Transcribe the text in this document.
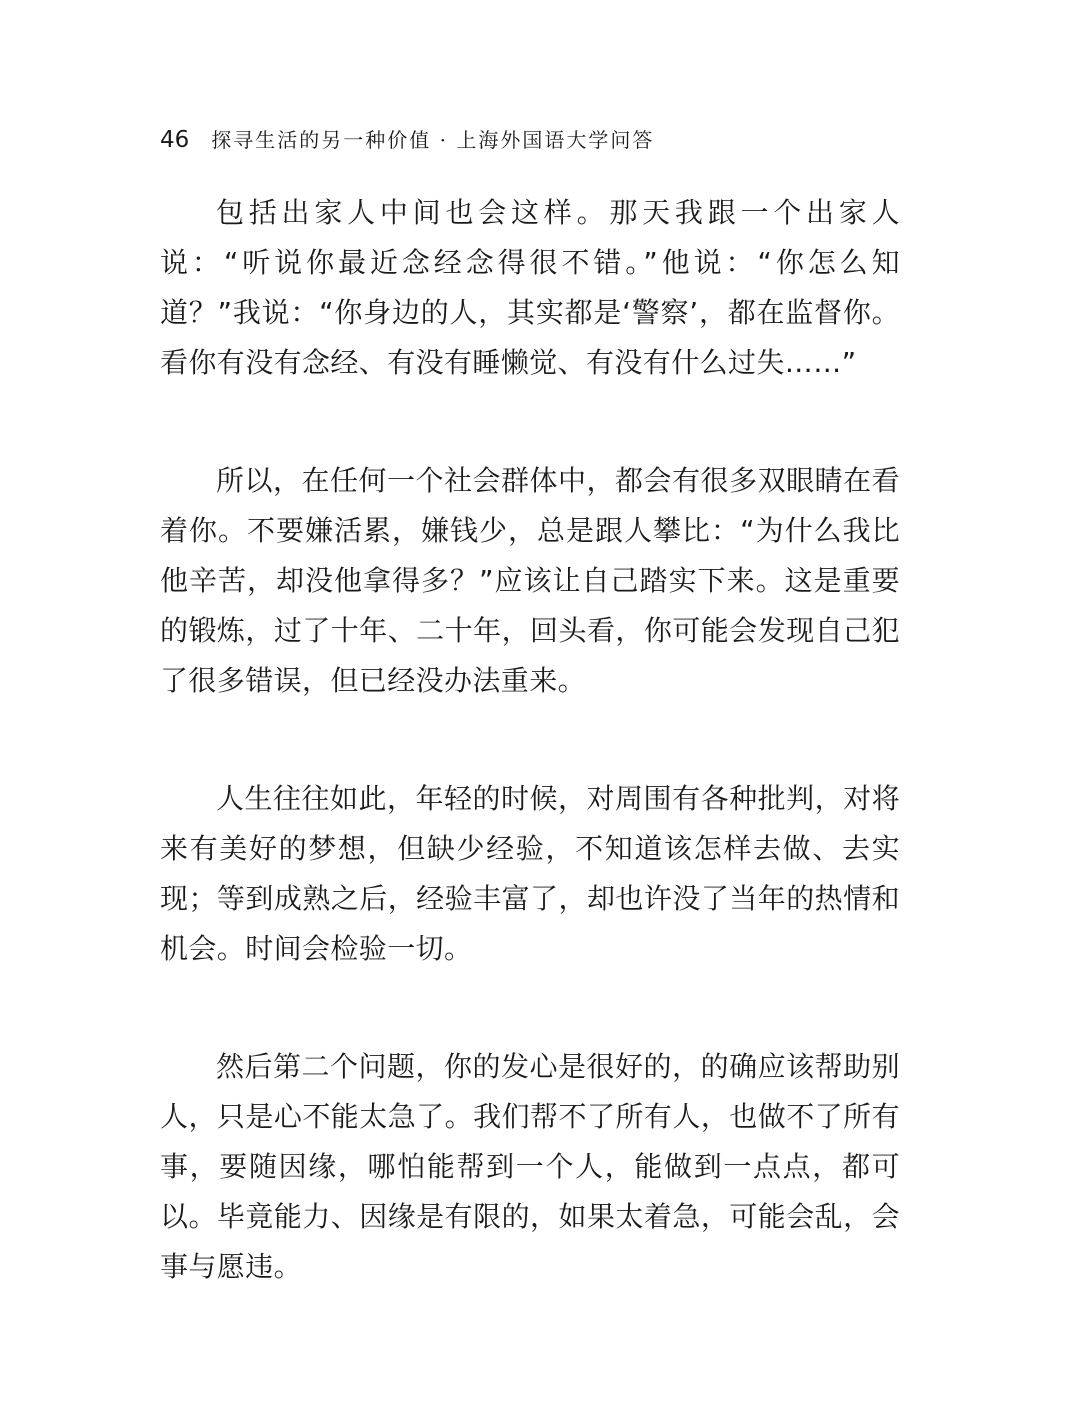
46 探寻生活的另一种价值 · 上海外国语大学问答

包括出家人中间也会这样。那天我跟一个出家人说：“听说你最近念经念得很不错。”他说：“你怎么知道？”我说：“你身边的人，其实都是‘警察’，都在监督你。看你有没有念经、有没有睡懒觉、有没有什么过失……”

所以，在任何一个社会群体中，都会有很多双眼睛在看着你。不要嫌活累，嫌钱少，总是跟人攀比：“为什么我比他辛苦，却没他拿得多？”应该让自己踏实下来。这是重要的锻炼，过了十年、二十年，回头看，你可能会发现自己犯了很多错误，但已经没办法重来。

人生往往如此，年轻的时候，对周围有各种批判，对将来有美好的梦想，但缺少经验，不知道该怎样去做、去实现；等到成熟之后，经验丰富了，却也许没了当年的热情和机会。时间会检验一切。

然后第二个问题，你的发心是很好的，的确应该帮助别人，只是心不能太急了。我们帮不了所有人，也做不了所有事，要随因缘，哪怕能帮到一个人，能做到一点点，都可以。毕竟能力、因缘是有限的，如果太着急，可能会乱，会事与愿违。
